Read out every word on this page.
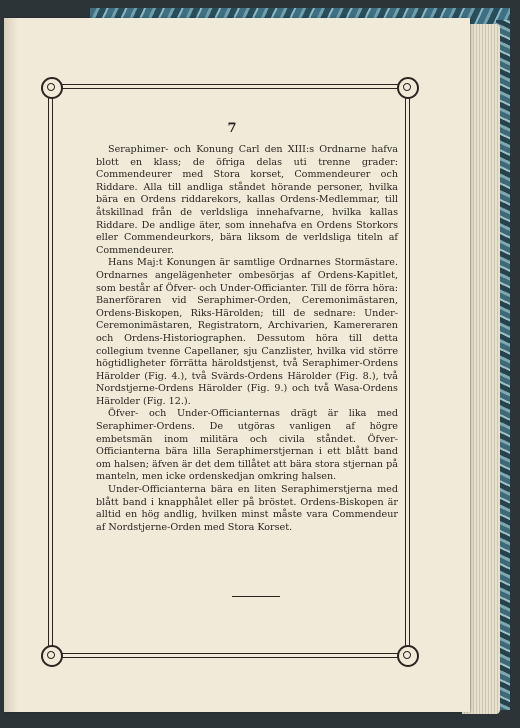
7

Seraphimer- och Konung Carl den XIII:s Ordnarne hafva blott en klass; de öfriga delas uti trenne grader: Commendeurer med Stora korset, Commendeurer och Riddare. Alla till andliga ståndet hörande personer, hvilka bära en Ordens riddarekors, kallas Ordens-Medlemmar, till åtskillnad från de verldsliga innehafvarne, hvilka kallas Riddare. De andlige äter, som innehafva en Ordens Storkors eller Commendeurkors, bära liksom de verldsliga titeln af Commendeurer.

Hans Maj:t Konungen är samtlige Ordnarnes Stormästare. Ordnarnes angelägenheter ombesörjas af Ordens-Kapitlet, som består af Öfver- och Under-Officianter. Till de förra höra: Banerföraren vid Seraphimer-Orden, Ceremonimästaren, Ordens-Biskopen, Riks-Häroldеn; till de sednare: Under-Ceremonimästaren, Registratorn, Archivarien, Kamereraren och Ordens-Historiographen. Dessutom höra till detta collegium tvenne Capellaner, sju Canzlister, hvilka vid större högtidligheter förrätta häroldstjenst, två Seraphimer-Ordens Härolder (Fig. 4.), två Svärds-Ordens Härolder (Fig. 8.), två Nordstjerne-Ordens Härolder (Fig. 9.) och två Wasa-Ordens Härolder (Fig. 12.).

Öfver- och Under-Officianternas drägt är lika med Seraphimer-Ordens. De utgöras vanligen af högre embetsmän inom militära och civila ståndet. Öfver-Officianterna bära lilla Seraphimerstjernan i ett blått band om halsen; äfven är det dem tillåtet att bära stora stjernan på manteln, men icke ordenskedjan omkring halsen.

Under-Officianterna bära en liten Seraphimerstjerna med blått band i knapphålet eller på bröstet. Ordens-Biskopen är alltid en hög andlig, hvilken minst måste vara Commendeur af Nordstjerne-Orden med Stora Korset.
